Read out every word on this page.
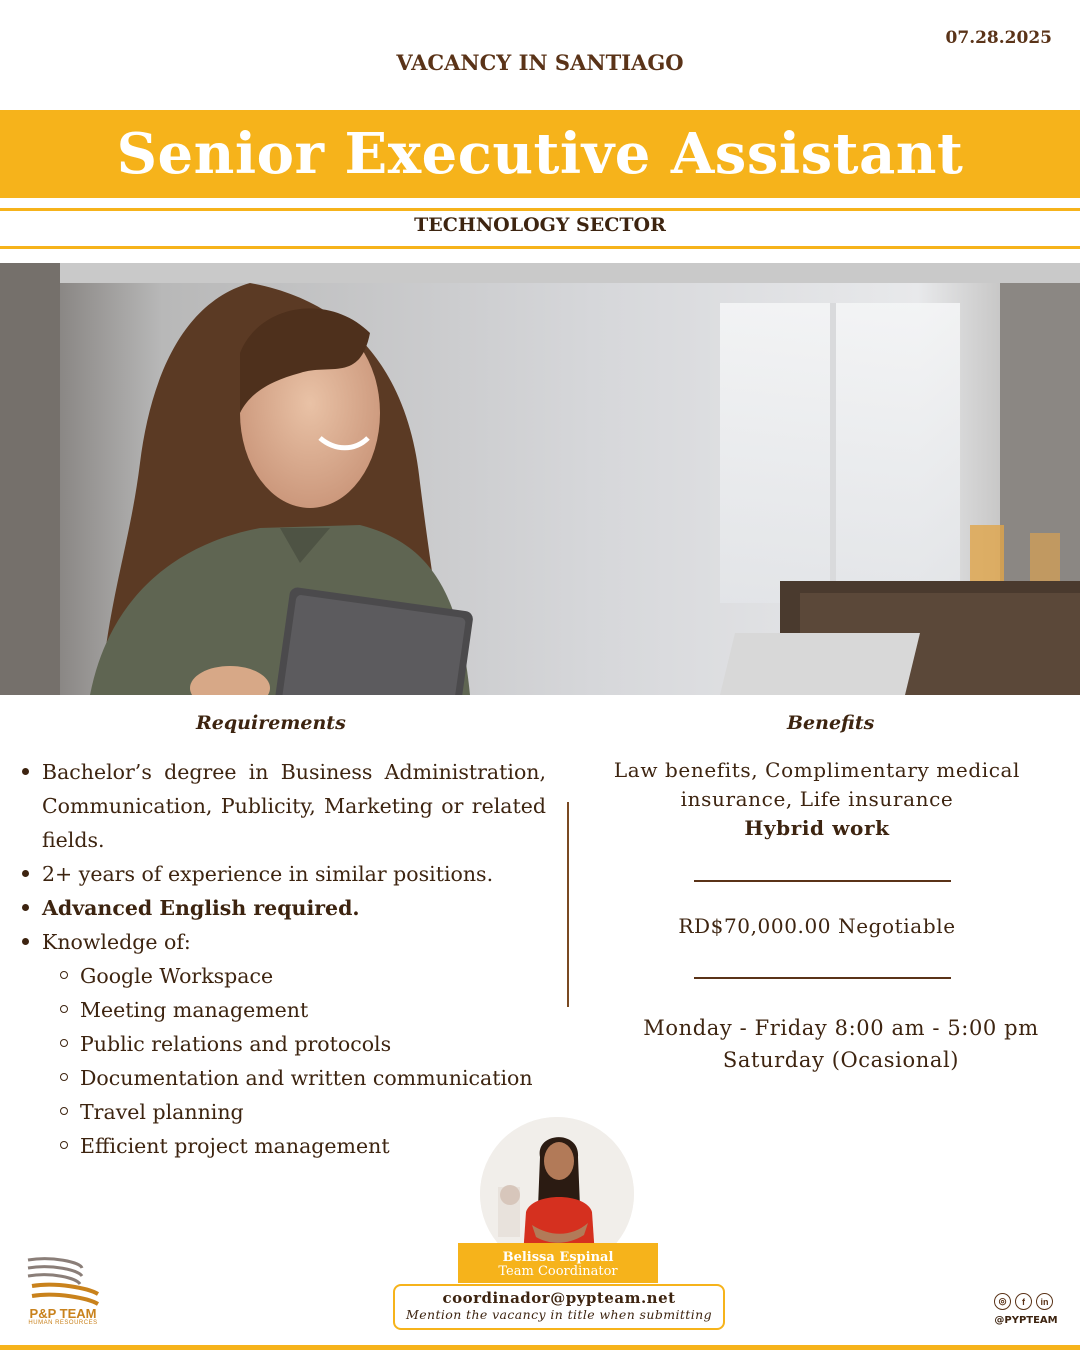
07.28.2025
VACANCY IN SANTIAGO
Senior Executive Assistant
TECHNOLOGY SECTOR
Requirements	Benefits
Bachelor’s degree in Business Administration, Communication, Publicity, Marketing or related fields.
2+ years of experience in similar positions.
Advanced English required.
Knowledge of:
Google Workspace
Meeting management
Public relations and protocols
Documentation and written communication
Travel planning
Efficient project management
Law benefits, Complimentary medical insurance, Life insurance
Hybrid work
RD$70,000.00 Negotiable
Monday - Friday 8:00 am - 5:00 pm
Saturday (Ocasional)
Belissa Espinal
Team Coordinator
coordinador@pypteam.net
Mention the vacancy in title when submitting
P&P TEAM
HUMAN RESOURCES
◎	f	in
@PYPTEAM
